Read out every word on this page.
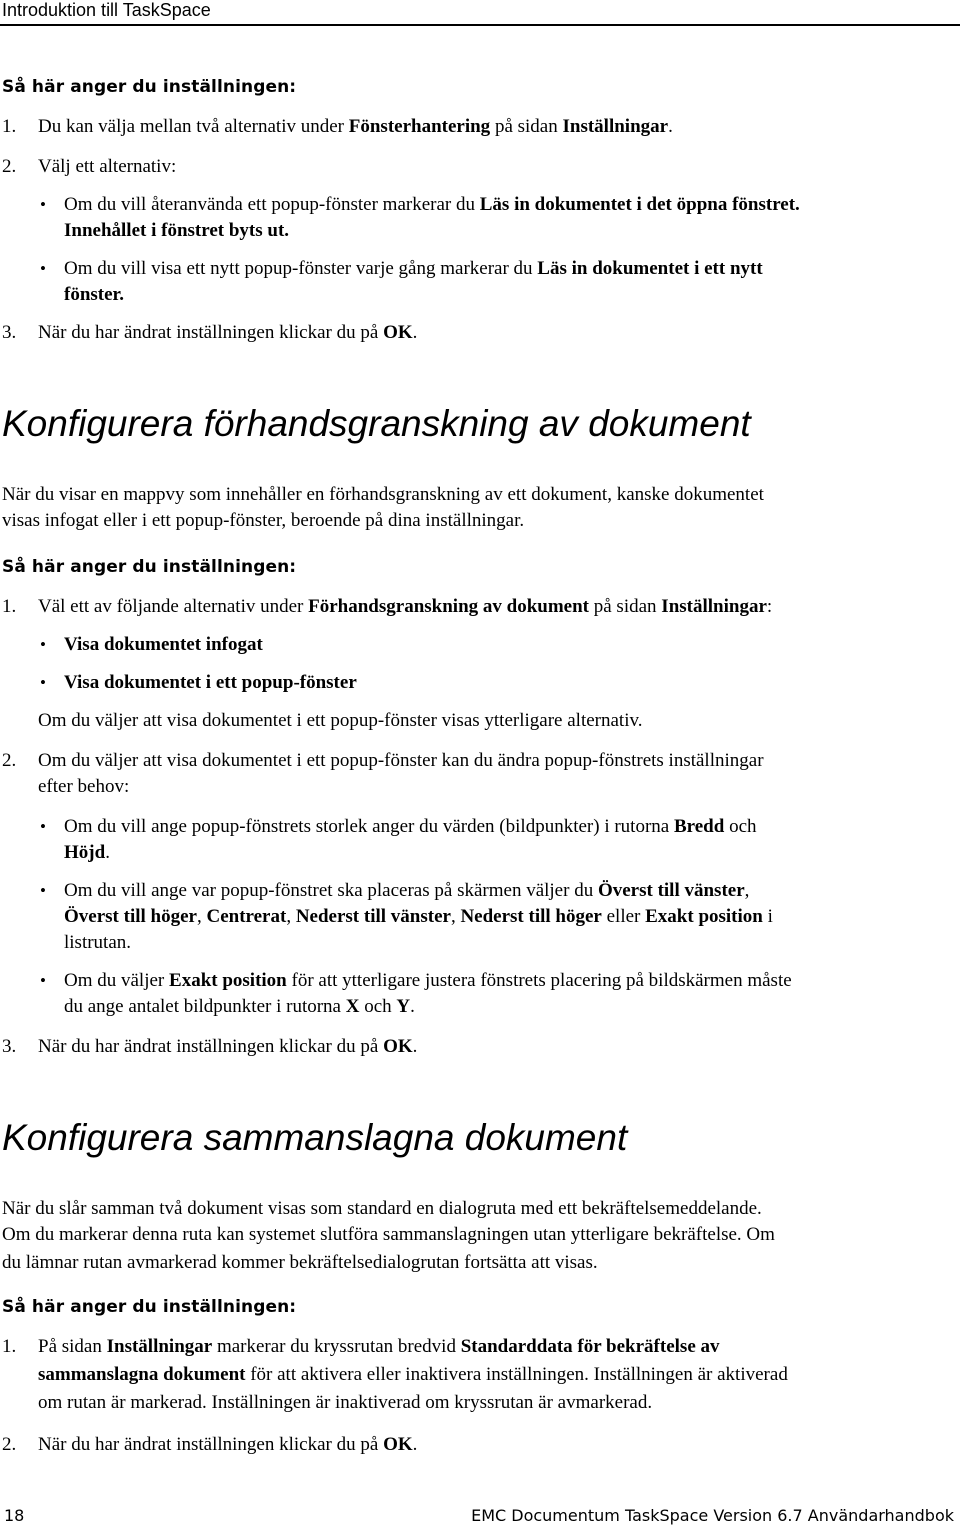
Introduktion till TaskSpace
Så här anger du inställningen:
1. Du kan välja mellan två alternativ under Fönsterhantering på sidan Inställningar.
2. Välj ett alternativ:
• Om du vill återanvända ett popup-fönster markerar du Läs in dokumentet i det öppna fönstret.
Innehållet i fönstret byts ut.
• Om du vill visa ett nytt popup-fönster varje gång markerar du Läs in dokumentet i ett nytt
fönster.
3. När du har ändrat inställningen klickar du på OK.
Konfigurera förhandsgranskning av dokument
När du visar en mappvy som innehåller en förhandsgranskning av ett dokument, kanske dokumentet
visas infogat eller i ett popup-fönster, beroende på dina inställningar.
Så här anger du inställningen:
1. Väl ett av följande alternativ under Förhandsgranskning av dokument på sidan Inställningar:
• Visa dokumentet infogat
• Visa dokumentet i ett popup-fönster
Om du väljer att visa dokumentet i ett popup-fönster visas ytterligare alternativ.
2. Om du väljer att visa dokumentet i ett popup-fönster kan du ändra popup-fönstrets inställningar
efter behov:
• Om du vill ange popup-fönstrets storlek anger du värden (bildpunkter) i rutorna Bredd och
Höjd.
• Om du vill ange var popup-fönstret ska placeras på skärmen väljer du Överst till vänster,
Överst till höger, Centrerat, Nederst till vänster, Nederst till höger eller Exakt position i
listrutan.
• Om du väljer Exakt position för att ytterligare justera fönstrets placering på bildskärmen måste
du ange antalet bildpunkter i rutorna X och Y.
3. När du har ändrat inställningen klickar du på OK.
Konfigurera sammanslagna dokument
När du slår samman två dokument visas som standard en dialogruta med ett bekräftelsemeddelande.
Om du markerar denna ruta kan systemet slutföra sammanslagningen utan ytterligare bekräftelse. Om
du lämnar rutan avmarkerad kommer bekräftelsedialogrutan fortsätta att visas.
Så här anger du inställningen:
1. På sidan Inställningar markerar du kryssrutan bredvid Standarddata för bekräftelse av
sammanslagna dokument för att aktivera eller inaktivera inställningen. Inställningen är aktiverad
om rutan är markerad. Inställningen är inaktiverad om kryssrutan är avmarkerad.
2. När du har ändrat inställningen klickar du på OK.
18	EMC Documentum TaskSpace Version 6.7 Användarhandbok
